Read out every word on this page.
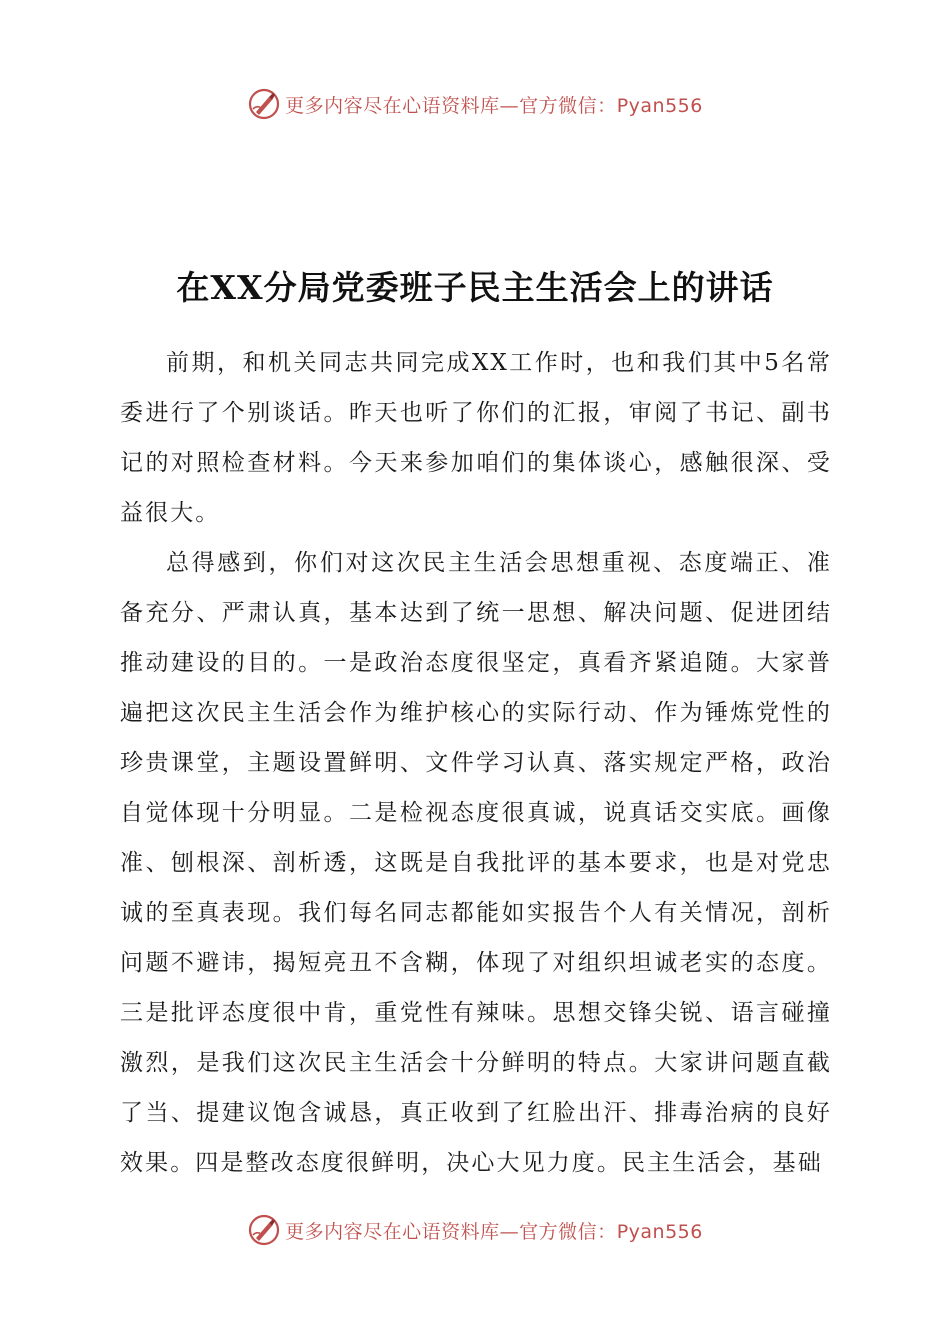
更多内容尽在心语资料库—官方微信：Pyan556
在XX分局党委班子民主生活会上的讲话

前期，和机关同志共同完成XX工作时，也和我们其中5名常委进行了个别谈话。昨天也听了你们的汇报，审阅了书记、副书记的对照检查材料。今天来参加咱们的集体谈心，感触很深、受益很大。

总得感到，你们对这次民主生活会思想重视、态度端正、准备充分、严肃认真，基本达到了统一思想、解决问题、促进团结推动建设的目的。一是政治态度很坚定，真看齐紧追随。大家普遍把这次民主生活会作为维护核心的实际行动、作为锤炼党性的珍贵课堂，主题设置鲜明、文件学习认真、落实规定严格，政治自觉体现十分明显。二是检视态度很真诚，说真话交实底。画像准、刨根深、剖析透，这既是自我批评的基本要求，也是对党忠诚的至真表现。我们每名同志都能如实报告个人有关情况，剖析问题不避讳，揭短亮丑不含糊，体现了对组织坦诚老实的态度。三是批评态度很中肯，重党性有辣味。思想交锋尖锐、语言碰撞激烈，是我们这次民主生活会十分鲜明的特点。大家讲问题直截了当、提建议饱含诚恳，真正收到了红脸出汗、排毒治病的良好效果。四是整改态度很鲜明，决心大见力度。民主生活会，基础

更多内容尽在心语资料库—官方微信：Pyan556
